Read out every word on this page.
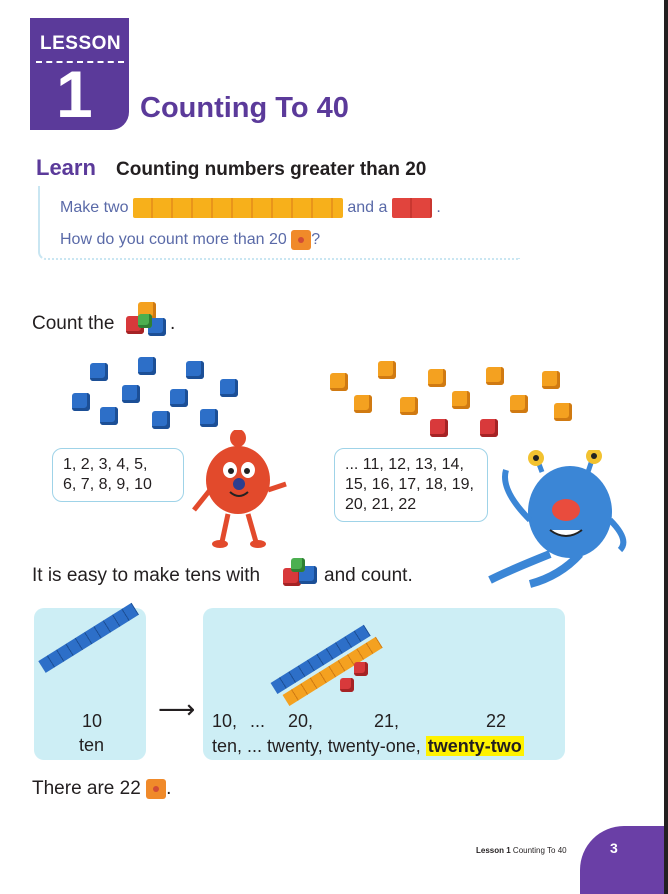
LESSON
1 Counting To 40
Learn Counting numbers greater than 20
Make two	and a	.
How do you count more than 20 ?
Count the	.
1, 2, 3, 4, 5,
6, 7, 8, 9, 10
... 11, 12, 13, 14,
15, 16, 17, 18, 19,
20, 21, 22
It is easy to make tens with	and count.
10
ten
⟶ 10, ... 20,	21,	22
ten, ... twenty, twenty-one, twenty-two
There are 22 .
Lesson 1 Counting To 40	3
